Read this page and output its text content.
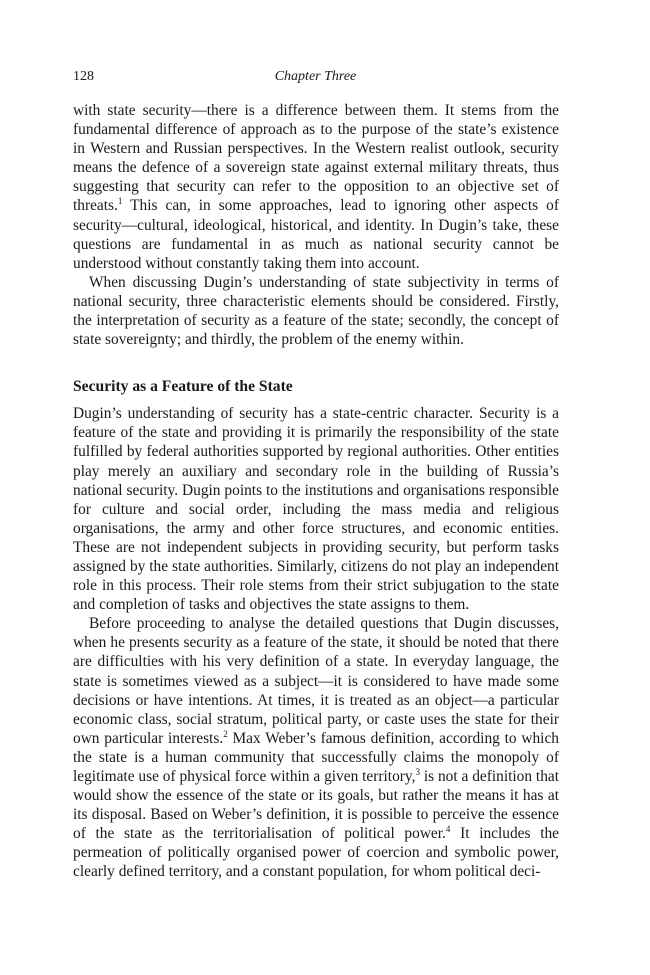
128	Chapter Three

with state security—there is a difference between them. It stems from the fundamental difference of approach as to the purpose of the state’s existence in Western and Russian perspectives. In the Western realist outlook, security means the defence of a sovereign state against external military threats, thus suggesting that security can refer to the opposition to an objective set of threats.$^1$ This can, in some approaches, lead to ignoring other aspects of security—cultural, ideological, historical, and identity. In Dugin’s take, these questions are fundamental in as much as national security cannot be understood without constantly taking them into account.

When discussing Dugin’s understanding of state subjectivity in terms of national security, three characteristic elements should be considered. Firstly, the interpretation of security as a feature of the state; secondly, the concept of state sovereignty; and thirdly, the problem of the enemy within.

Security as a Feature of the State

Dugin’s understanding of security has a state-centric character. Security is a feature of the state and providing it is primarily the responsibility of the state fulfilled by federal authorities supported by regional authorities. Other entities play merely an auxiliary and secondary role in the building of Russia’s national security. Dugin points to the institutions and organisations responsible for culture and social order, including the mass media and religious organisations, the army and other force structures, and economic entities. These are not independent subjects in providing security, but perform tasks assigned by the state authorities. Similarly, citizens do not play an independent role in this process. Their role stems from their strict subjugation to the state and completion of tasks and objectives the state assigns to them.

Before proceeding to analyse the detailed questions that Dugin discusses, when he presents security as a feature of the state, it should be noted that there are difficulties with his very definition of a state. In everyday language, the state is sometimes viewed as a subject—it is considered to have made some decisions or have intentions. At times, it is treated as an object—a particular economic class, social stratum, political party, or caste uses the state for their own particular interests.$^2$ Max Weber’s famous definition, according to which the state is a human community that successfully claims the monopoly of legitimate use of physical force within a given territory,$^3$ is not a definition that would show the essence of the state or its goals, but rather the means it has at its disposal. Based on Weber’s definition, it is possible to perceive the essence of the state as the territorialisation of political power.$^4$ It includes the permeation of politically organised power of coercion and symbolic power, clearly defined territory, and a constant population, for whom political deci-
